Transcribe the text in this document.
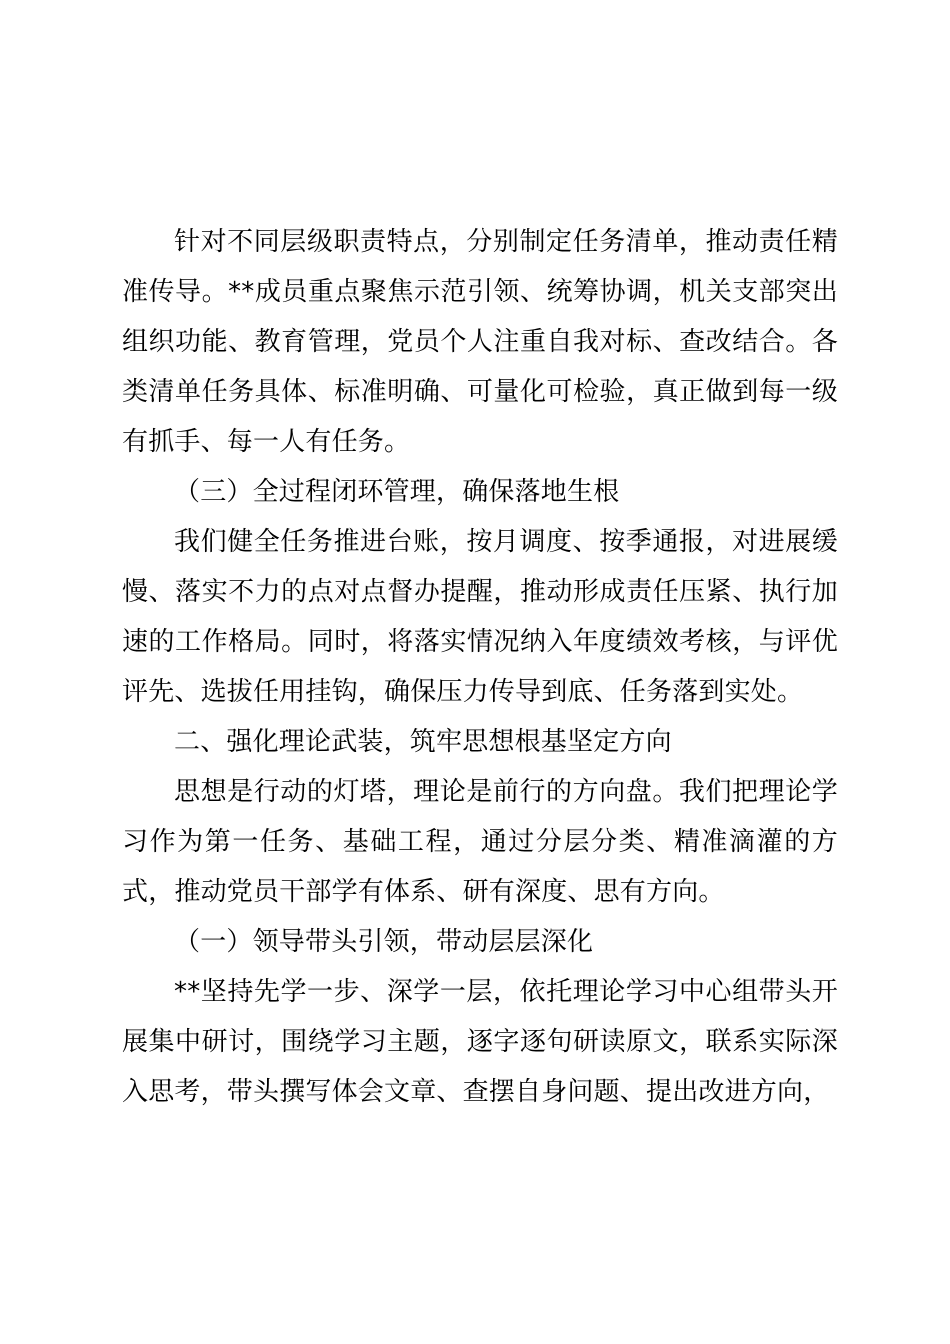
针对不同层级职责特点，分别制定任务清单，推动责任精准传导。**成员重点聚焦示范引领、统筹协调，机关支部突出组织功能、教育管理，党员个人注重自我对标、查改结合。各类清单任务具体、标准明确、可量化可检验，真正做到每一级有抓手、每一人有任务。

（三）全过程闭环管理，确保落地生根

我们健全任务推进台账，按月调度、按季通报，对进展缓慢、落实不力的点对点督办提醒，推动形成责任压紧、执行加速的工作格局。同时，将落实情况纳入年度绩效考核，与评优评先、选拔任用挂钩，确保压力传导到底、任务落到实处。

二、强化理论武装，筑牢思想根基坚定方向

思想是行动的灯塔，理论是前行的方向盘。我们把理论学习作为第一任务、基础工程，通过分层分类、精准滴灌的方式，推动党员干部学有体系、研有深度、思有方向。

（一）领导带头引领，带动层层深化

**坚持先学一步、深学一层，依托理论学习中心组带头开展集中研讨，围绕学习主题，逐字逐句研读原文，联系实际深入思考，带头撰写体会文章、查摆自身问题、提出改进方向，
